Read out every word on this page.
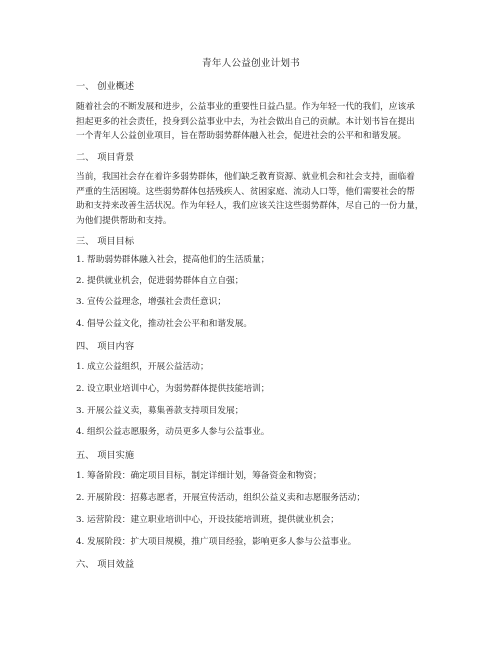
青年人公益创业计划书
一、 创业概述
随着社会的不断发展和进步，公益事业的重要性日益凸显。作为年轻一代的我们，应该承
担起更多的社会责任，投身到公益事业中去，为社会做出自己的贡献。本计划书旨在提出
一个青年人公益创业项目，旨在帮助弱势群体融入社会，促进社会的公平和和谐发展。
二、 项目背景
当前，我国社会存在着许多弱势群体，他们缺乏教育资源、就业机会和社会支持，面临着
严重的生活困境。这些弱势群体包括残疾人、贫困家庭、流动人口等，他们需要社会的帮
助和支持来改善生活状况。作为年轻人，我们应该关注这些弱势群体，尽自己的一份力量，
为他们提供帮助和支持。
三、 项目目标
1. 帮助弱势群体融入社会，提高他们的生活质量；
2. 提供就业机会，促进弱势群体自立自强；
3. 宣传公益理念，增强社会责任意识；
4. 倡导公益文化，推动社会公平和和谐发展。
四、 项目内容
1. 成立公益组织，开展公益活动；
2. 设立职业培训中心，为弱势群体提供技能培训；
3. 开展公益义卖，募集善款支持项目发展；
4. 组织公益志愿服务，动员更多人参与公益事业。
五、 项目实施
1. 筹备阶段：确定项目目标，制定详细计划，筹备资金和物资；
2. 开展阶段：招募志愿者，开展宣传活动，组织公益义卖和志愿服务活动；
3. 运营阶段：建立职业培训中心，开设技能培训班，提供就业机会；
4. 发展阶段：扩大项目规模，推广项目经验，影响更多人参与公益事业。
六、 项目效益
